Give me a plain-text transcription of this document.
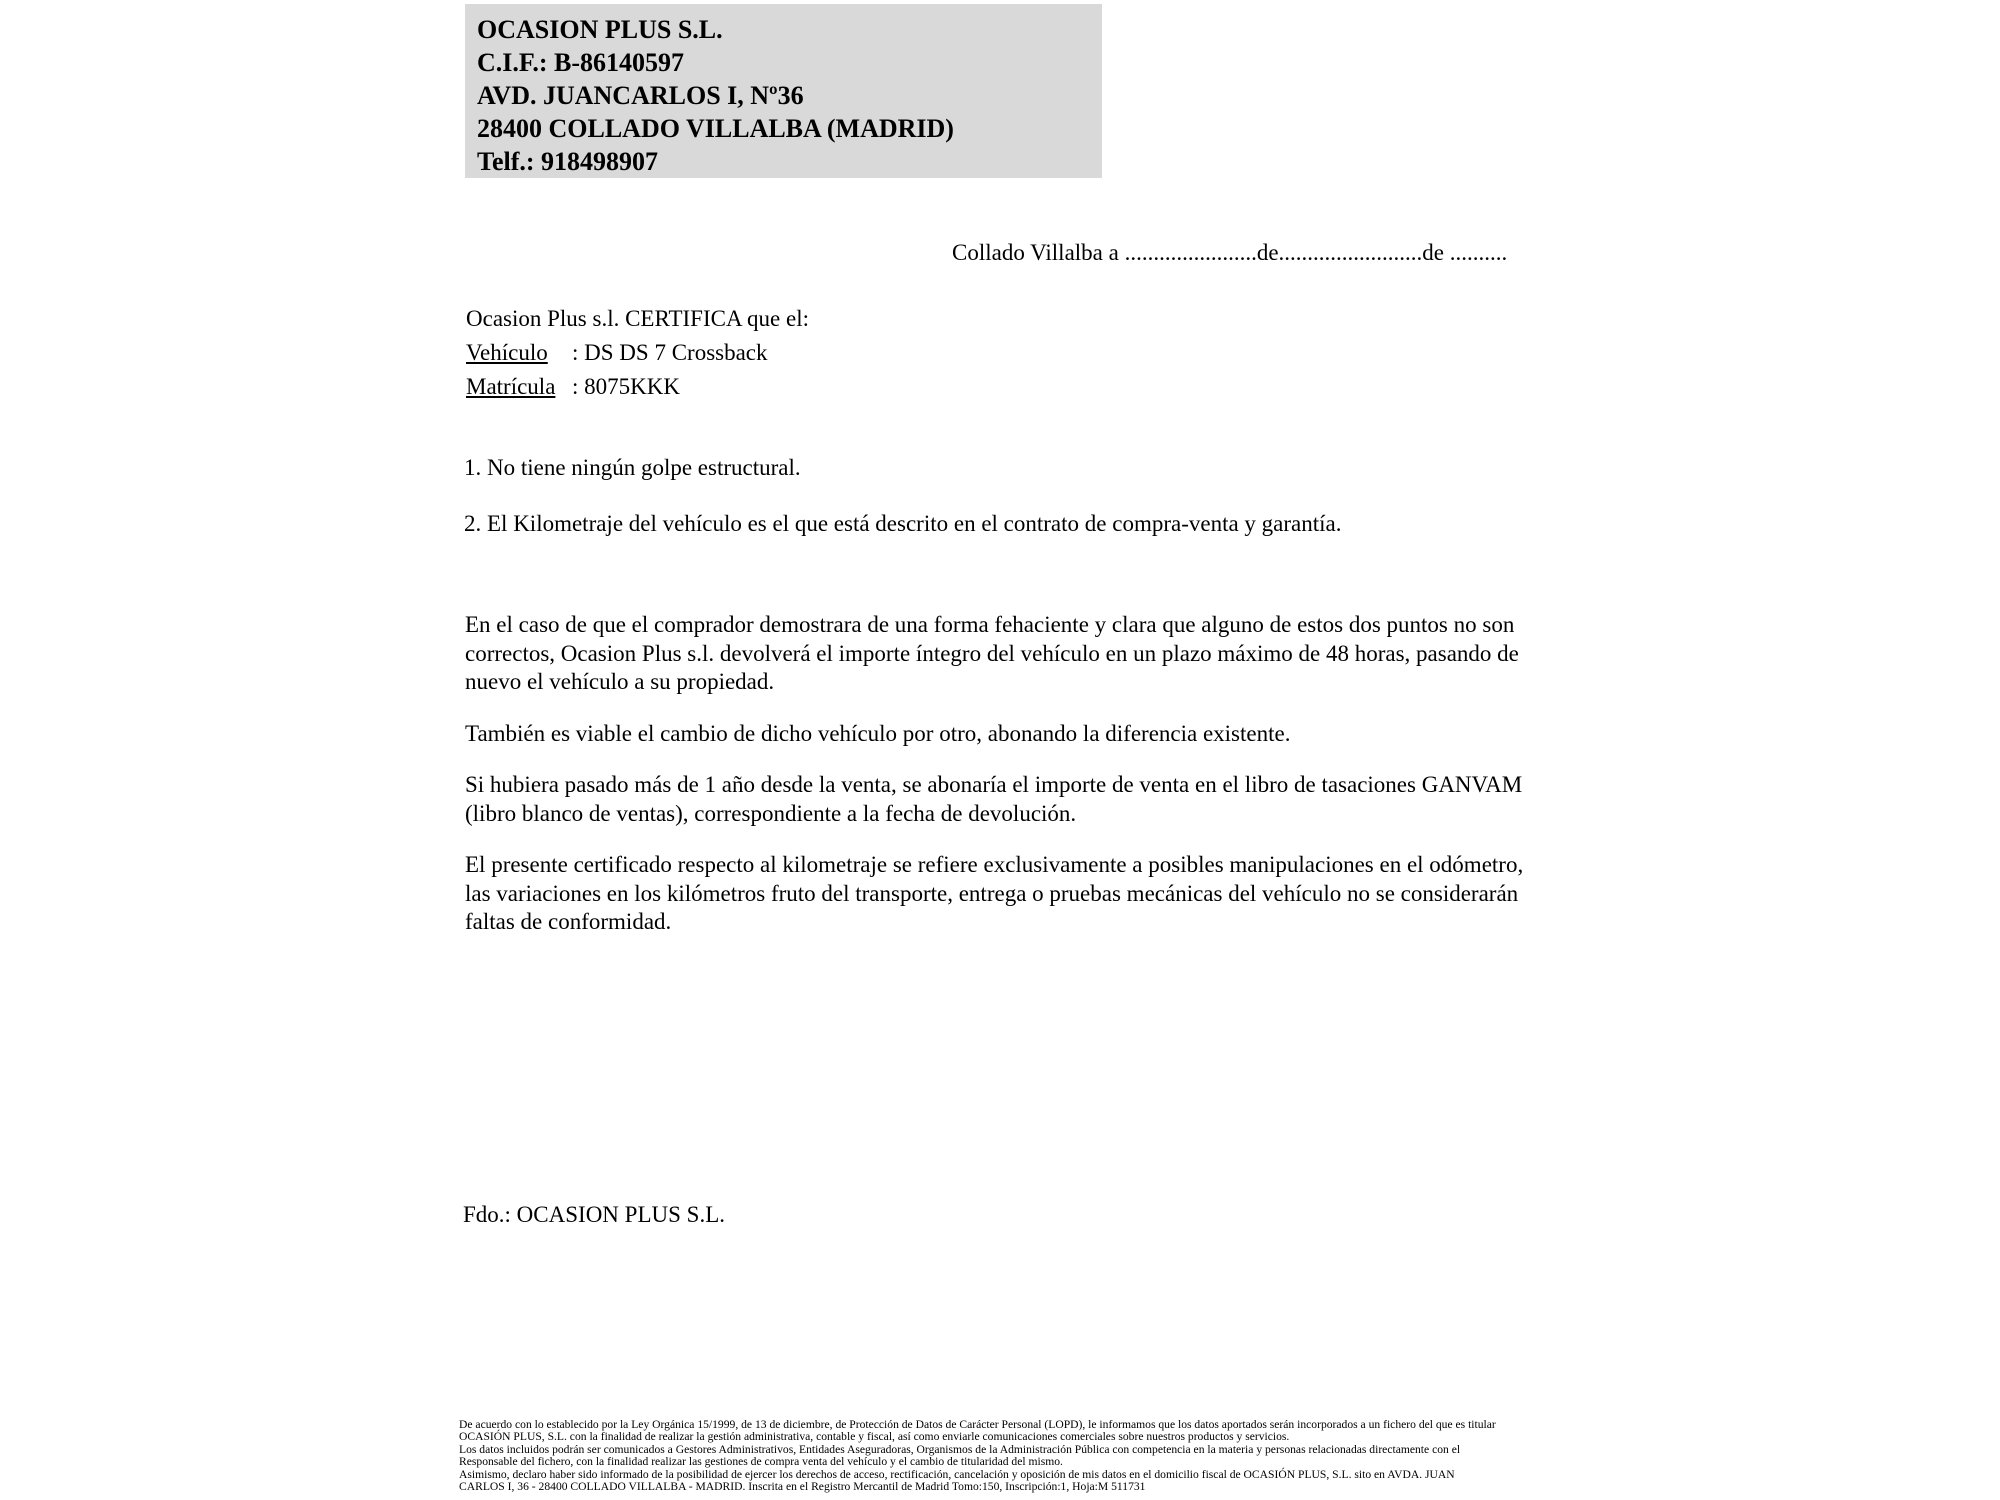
OCASION PLUS S.L.
C.I.F.: B-86140597
AVD. JUANCARLOS I, Nº36
28400 COLLADO VILLALBA (MADRID)
Telf.: 918498907
Collado Villalba a .......................de.........................de ..........
Ocasion Plus s.l. CERTIFICA que el:
Vehículo : DS DS 7 Crossback
Matrícula : 8075KKK
1. No tiene ningún golpe estructural.
2. El Kilometraje del vehículo es el que está descrito en el contrato de compra-venta y garantía.

En el caso de que el comprador demostrara de una forma fehaciente y clara que alguno de estos dos puntos no son correctos, Ocasion Plus s.l. devolverá el importe íntegro del vehículo en un plazo máximo de 48 horas, pasando de nuevo el vehículo a su propiedad.

También es viable el cambio de dicho vehículo por otro, abonando la diferencia existente.

Si hubiera pasado más de 1 año desde la venta, se abonaría el importe de venta en el libro de tasaciones GANVAM (libro blanco de ventas), correspondiente a la fecha de devolución.

El presente certificado respecto al kilometraje se refiere exclusivamente a posibles manipulaciones en el odómetro, las variaciones en los kilómetros fruto del transporte, entrega o pruebas mecánicas del vehículo no se considerarán faltas de conformidad.

Fdo.: OCASION PLUS S.L.
De acuerdo con lo establecido por la Ley Orgánica 15/1999, de 13 de diciembre, de Protección de Datos de Carácter Personal (LOPD), le informamos que los datos aportados serán incorporados a un fichero del que es titular
OCASIÓN PLUS, S.L. con la finalidad de realizar la gestión administrativa, contable y fiscal, así como enviarle comunicaciones comerciales sobre nuestros productos y servicios.
Los datos incluidos podrán ser comunicados a Gestores Administrativos, Entidades Aseguradoras, Organismos de la Administración Pública con competencia en la materia y personas relacionadas directamente con el
Responsable del fichero, con la finalidad realizar las gestiones de compra venta del vehículo y el cambio de titularidad del mismo.
Asimismo, declaro haber sido informado de la posibilidad de ejercer los derechos de acceso, rectificación, cancelación y oposición de mis datos en el domicilio fiscal de OCASIÓN PLUS, S.L. sito en AVDA. JUAN
CARLOS I, 36 - 28400 COLLADO VILLALBA - MADRID. Inscrita en el Registro Mercantil de Madrid Tomo:150, Inscripción:1, Hoja:M 511731
